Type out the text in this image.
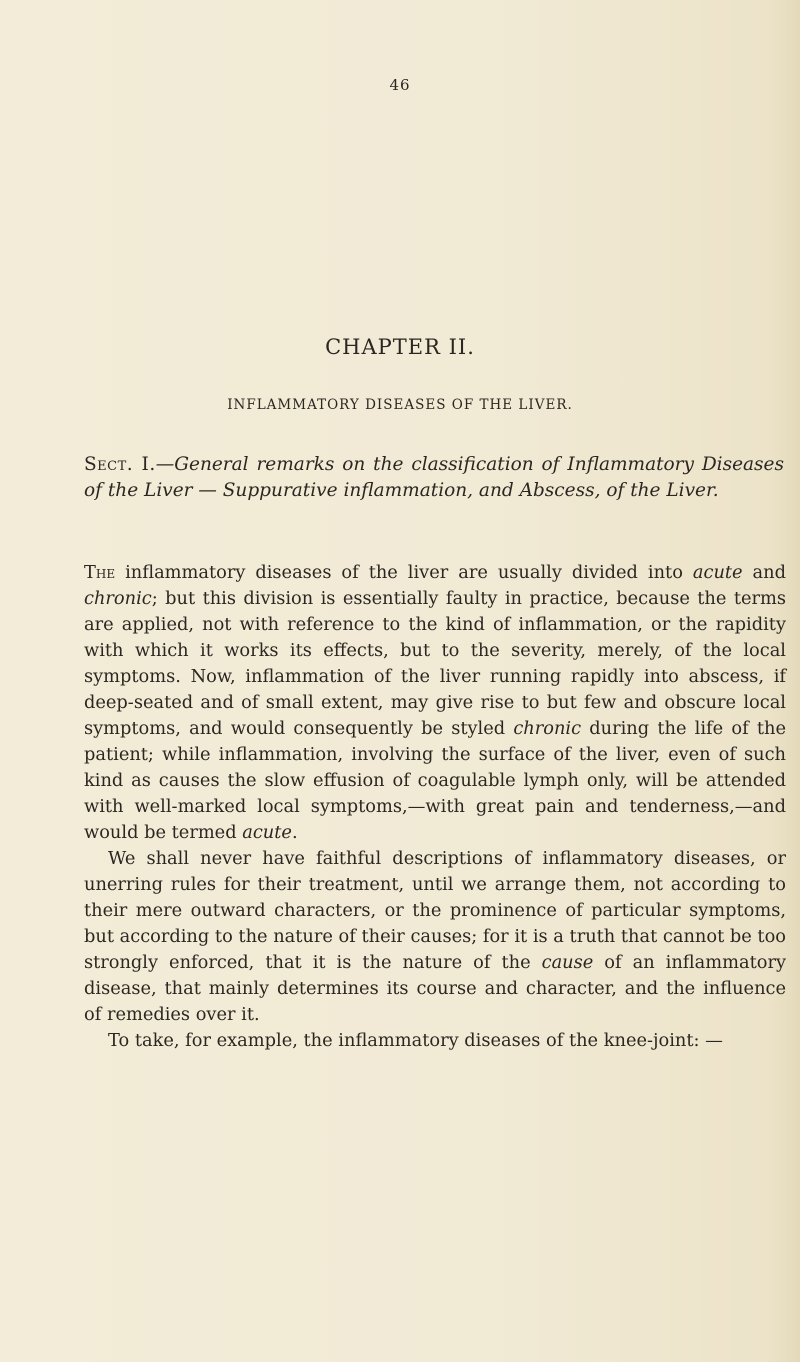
46
CHAPTER II.
INFLAMMATORY DISEASES OF THE LIVER.
Sect. I.—General remarks on the classification of Inflammatory Diseases of the Liver — Suppurative inflammation, and Abscess, of the Liver.

The inflammatory diseases of the liver are usually divided into acute and chronic; but this division is essentially faulty in practice, because the terms are applied, not with reference to the kind of inflammation, or the rapidity with which it works its effects, but to the severity, merely, of the local symptoms. Now, inflammation of the liver running rapidly into abscess, if deep-seated and of small extent, may give rise to but few and obscure local symptoms, and would consequently be styled chronic during the life of the patient; while inflammation, involving the surface of the liver, even of such kind as causes the slow effusion of coagulable lymph only, will be attended with well-marked local symptoms,—with great pain and tenderness,—and would be termed acute.

We shall never have faithful descriptions of inflammatory diseases, or unerring rules for their treatment, until we arrange them, not according to their mere outward characters, or the prominence of particular symptoms, but according to the nature of their causes; for it is a truth that cannot be too strongly enforced, that it is the nature of the cause of an inflammatory disease, that mainly determines its course and character, and the influence of remedies over it.

To take, for example, the inflammatory diseases of the knee-joint: —
